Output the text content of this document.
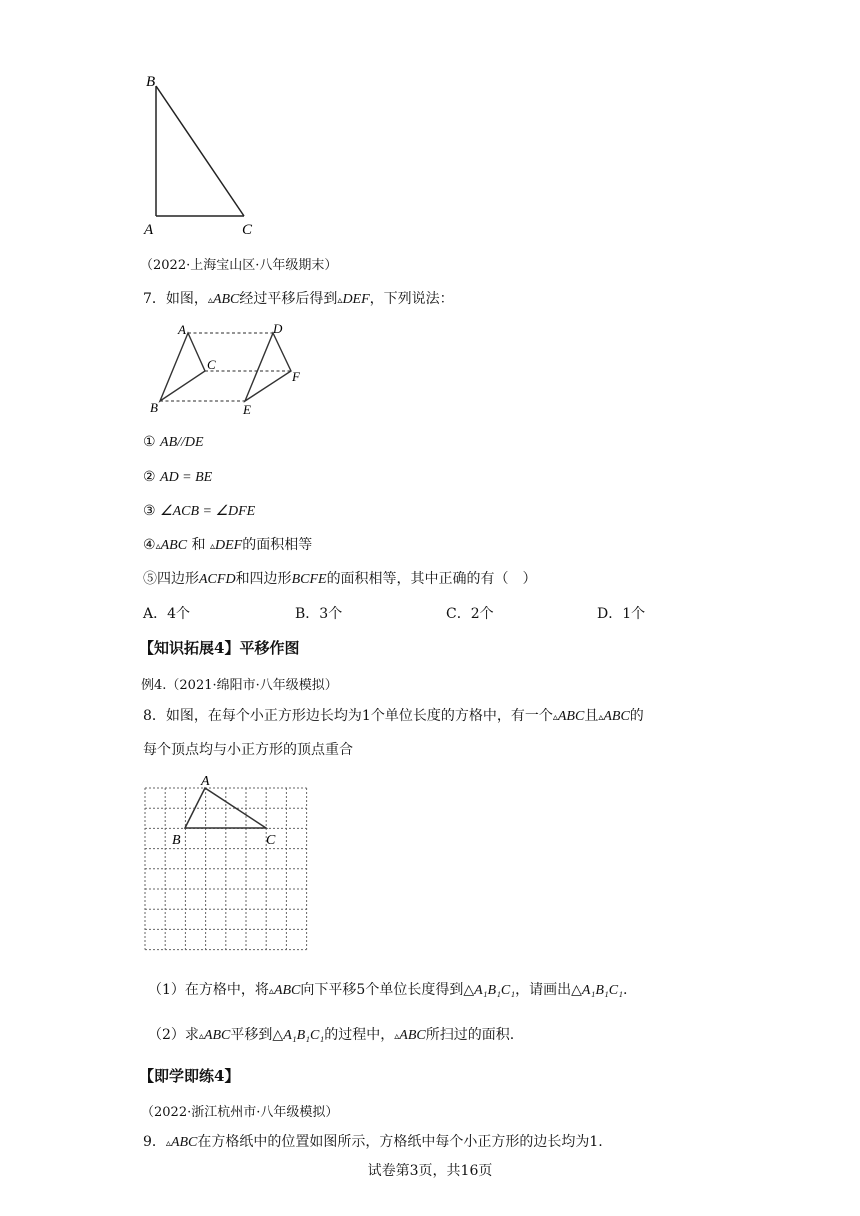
B
A	C
（2022·上海宝山区·八年级期末）
7．如图，▵ABC经过平移后得到▵DEF，下列说法：
A
C
B
D
F
E
① AB//DE
② AD = BE
③ ∠ACB = ∠DFE
④▵ABC 和 ▵DEF的面积相等
⑤四边形ACFD和四边形BCFE的面积相等，其中正确的有（　）
A．4个	B．3个	C．2个	D．1个
【知识拓展4】平移作图
例4.（2021·绵阳市·八年级模拟）
8．如图，在每个小正方形边长均为1个单位长度的方格中，有一个▵ABC且▵ABC的
每个顶点均与小正方形的顶点重合
A
B	C
（1）在方格中，将▵ABC向下平移5个单位长度得到△A₁B₁C₁，请画出△A₁B₁C₁.
（2）求▵ABC平移到△A₁B₁C₁的过程中，▵ABC所扫过的面积.
【即学即练4】
（2022·浙江杭州市·八年级模拟）
9．▵ABC在方格纸中的位置如图所示，方格纸中每个小正方形的边长均为1.
试卷第3页，共16页
